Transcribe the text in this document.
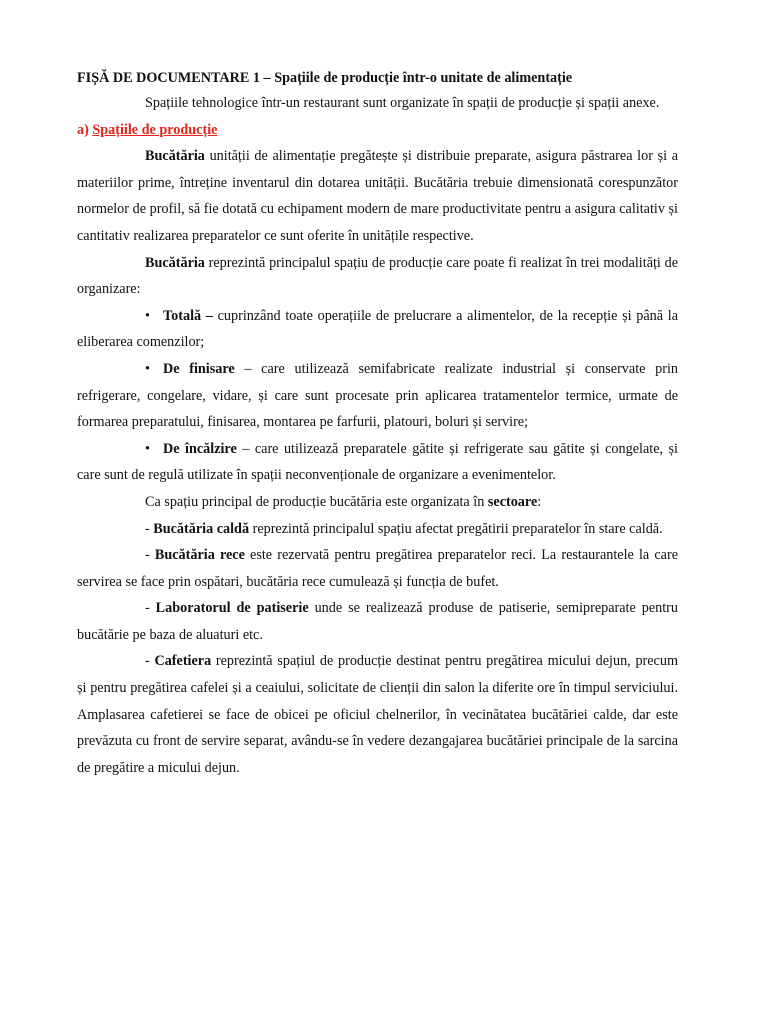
FIȘĂ DE DOCUMENTARE 1 – Spațiile de producție într-o unitate de alimentație

Spațiile tehnologice într-un restaurant sunt organizate în spații de producție și spații anexe.

a) Spațiile de producție

Bucătăria unității de alimentație pregătește și distribuie preparate, asigura păstrarea lor și a materiilor prime, întreține inventarul din dotarea unității. Bucătăria trebuie dimensionată corespunzător normelor de profil, să fie dotată cu echipament modern de mare productivitate pentru a asigura calitativ și cantitativ realizarea preparatelor ce sunt oferite în unitățile respective.

Bucătăria reprezintă principalul spațiu de producție care poate fi realizat în trei modalități de organizare:

• Totală – cuprinzând toate operațiile de prelucrare a alimentelor, de la recepție și până la eliberarea comenzilor;

• De finisare – care utilizează semifabricate realizate industrial și conservate prin refrigerare, congelare, vidare, și care sunt procesate prin aplicarea tratamentelor termice, urmate de formarea preparatului, finisarea, montarea pe farfurii, platouri, boluri și servire;

• De încălzire – care utilizează preparatele gătite și refrigerate sau gătite și congelate, și care sunt de regulă utilizate în spații neconvenționale de organizare a evenimentelor.

Ca spațiu principal de producție bucătăria este organizata în sectoare:

- Bucătăria caldă reprezintă principalul spațiu afectat pregătirii preparatelor în stare caldă.

- Bucătăria rece este rezervată pentru pregătirea preparatelor reci. La restaurantele la care servirea se face prin ospătari, bucătăria rece cumulează și funcția de bufet.

- Laboratorul de patiserie unde se realizează produse de patiserie, semipreparate pentru bucătărie pe baza de aluaturi etc.

- Cafetiera reprezintă spațiul de producție destinat pentru pregătirea micului dejun, precum și pentru pregătirea cafelei și a ceaiului, solicitate de clienții din salon la diferite ore în timpul serviciului. Amplasarea cafetierei se face de obicei pe oficiul chelnerilor, în vecinătatea bucătăriei calde, dar este prevăzuta cu front de servire separat, avându-se în vedere dezangajarea bucătăriei principale de la sarcina de pregătire a micului dejun.
